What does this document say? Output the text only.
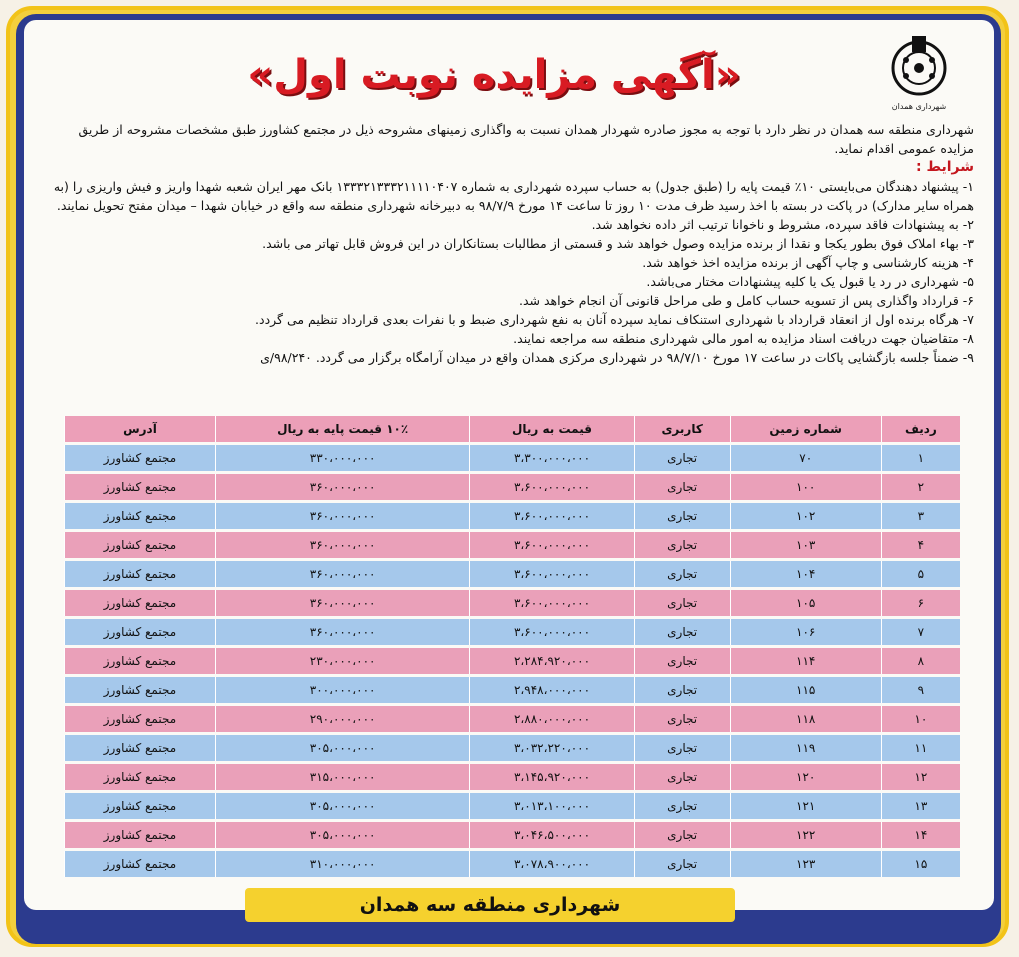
«آگهی مزایده نوبت اول»
شهرداری همدان

شهرداری منطقه سه همدان در نظر دارد با توجه به مجوز صادره شهردار همدان نسبت به واگذاری زمینهای مشروحه ذیل در مجتمع کشاورز طبق مشخصات مشروحه از طریق مزایده عمومی اقدام نماید.

شرایط :

۱- پیشنهاد دهندگان می‌بایستی ۱۰٪ قیمت پایه را (طبق جدول) به حساب سپرده شهرداری به شماره ۱۳۳۳۲۱۳۳۳۲۱۱۱۱۰۴۰۷ بانک مهر ایران شعبه شهدا واریز و فیش واریزی را (به همراه سایر مدارک) در پاکت در بسته با اخذ رسید ظرف مدت ۱۰ روز تا ساعت ۱۴ مورخ ۹۸/۷/۹ به دبیرخانه شهرداری منطقه سه واقع در خیابان شهدا – میدان مفتح تحویل نمایند.

۲- به پیشنهادات فاقد سپرده، مشروط و ناخوانا ترتیب اثر داده نخواهد شد.

۳- بهاء املاک فوق بطور یکجا و نقدا از برنده مزایده وصول خواهد شد و قسمتی از مطالبات بستانکاران در این فروش قابل تهاتر می باشد.

۴- هزینه کارشناسی و چاپ آگهی از برنده مزایده اخذ خواهد شد.

۵- شهرداری در رد یا قبول یک یا کلیه پیشنهادات مختار می‌باشد.

۶- قرارداد واگذاری پس از تسویه حساب کامل و طی مراحل قانونی آن انجام خواهد شد.

۷- هرگاه برنده اول از انعقاد قرارداد با شهرداری استنکاف نماید سپرده آنان به نفع شهرداری ضبط و با نفرات بعدی قرارداد تنظیم می گردد.

۸- متقاضیان جهت دریافت اسناد مزایده به امور مالی شهرداری منطقه سه مراجعه نمایند.

۹- ضمناً جلسه بازگشایی پاکات در ساعت ۱۷ مورخ ۹۸/۷/۱۰ در شهرداری مرکزی همدان واقع در میدان آرامگاه برگزار می گردد. ۹۸/۲۴۰/ی

ردیف	شماره زمین	کاربری	قیمت به ریال	۱۰٪ قیمت پایه به ریال	آدرس
۱	۷۰	تجاری	۳،۳۰۰،۰۰۰،۰۰۰	۳۳۰،۰۰۰،۰۰۰	مجتمع کشاورز
۲	۱۰۰	تجاری	۳،۶۰۰،۰۰۰،۰۰۰	۳۶۰،۰۰۰،۰۰۰	مجتمع کشاورز
۳	۱۰۲	تجاری	۳،۶۰۰،۰۰۰،۰۰۰	۳۶۰،۰۰۰،۰۰۰	مجتمع کشاورز
۴	۱۰۳	تجاری	۳،۶۰۰،۰۰۰،۰۰۰	۳۶۰،۰۰۰،۰۰۰	مجتمع کشاورز
۵	۱۰۴	تجاری	۳،۶۰۰،۰۰۰،۰۰۰	۳۶۰،۰۰۰،۰۰۰	مجتمع کشاورز
۶	۱۰۵	تجاری	۳،۶۰۰،۰۰۰،۰۰۰	۳۶۰،۰۰۰،۰۰۰	مجتمع کشاورز
۷	۱۰۶	تجاری	۳،۶۰۰،۰۰۰،۰۰۰	۳۶۰،۰۰۰،۰۰۰	مجتمع کشاورز
۸	۱۱۴	تجاری	۲،۲۸۴،۹۲۰،۰۰۰	۲۳۰،۰۰۰،۰۰۰	مجتمع کشاورز
۹	۱۱۵	تجاری	۲،۹۴۸،۰۰۰،۰۰۰	۳۰۰،۰۰۰،۰۰۰	مجتمع کشاورز
۱۰	۱۱۸	تجاری	۲،۸۸۰،۰۰۰،۰۰۰	۲۹۰،۰۰۰،۰۰۰	مجتمع کشاورز
۱۱	۱۱۹	تجاری	۳،۰۳۲،۲۲۰،۰۰۰	۳۰۵،۰۰۰،۰۰۰	مجتمع کشاورز
۱۲	۱۲۰	تجاری	۳،۱۴۵،۹۲۰،۰۰۰	۳۱۵،۰۰۰،۰۰۰	مجتمع کشاورز
۱۳	۱۲۱	تجاری	۳،۰۱۳،۱۰۰،۰۰۰	۳۰۵،۰۰۰،۰۰۰	مجتمع کشاورز
۱۴	۱۲۲	تجاری	۳،۰۴۶،۵۰۰،۰۰۰	۳۰۵،۰۰۰،۰۰۰	مجتمع کشاورز
۱۵	۱۲۳	تجاری	۳،۰۷۸،۹۰۰،۰۰۰	۳۱۰،۰۰۰،۰۰۰	مجتمع کشاورز
شهرداری منطقه سه همدان
